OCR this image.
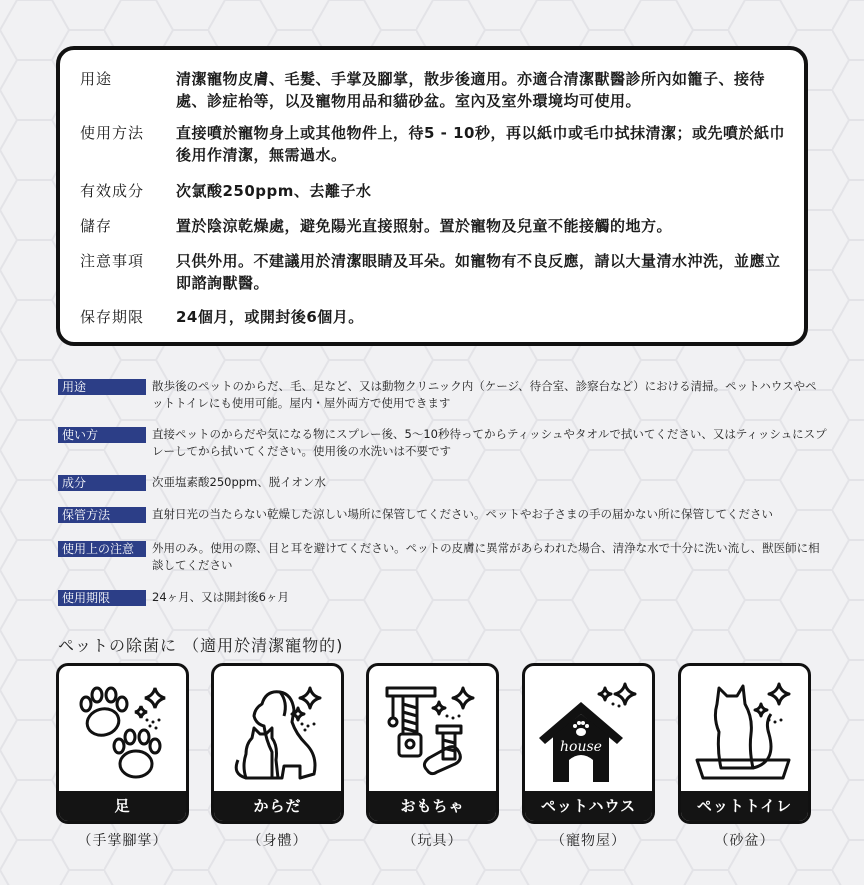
用途	清潔寵物皮膚、毛髮、手掌及腳掌，散步後適用。亦適合清潔獸醫診所內如籠子、接待處、診症枱等，以及寵物用品和貓砂盆。室內及室外環境均可使用。
使用方法	直接噴於寵物身上或其他物件上，待5 - 10秒，再以紙巾或毛巾拭抹清潔；或先噴於紙巾後用作清潔，無需過水。
有效成分	次氯酸250ppm、去離子水
儲存	置於陰涼乾燥處，避免陽光直接照射。置於寵物及兒童不能接觸的地方。
注意事項	只供外用。不建議用於清潔眼睛及耳朵。如寵物有不良反應，請以大量清水沖洗，並應立即諮詢獸醫。
保存期限	24個月，或開封後6個月。
用途	散歩後のペットのからだ、毛、足など、又は動物クリニック内（ケージ、待合室、診察台など）における清掃。ペットハウスやペットトイレにも使用可能。屋内・屋外両方で使用できます
使い方	直接ペットのからだや気になる物にスプレー後、5〜10秒待ってからティッシュやタオルで拭いてください、又はティッシュにスプレーしてから拭いてください。使用後の水洗いは不要です
成分	次亜塩素酸250ppm、脱イオン水
保管方法	直射日光の当たらない乾燥した涼しい場所に保管してください。ペットやお子さまの手の届かない所に保管してください
使用上の注意	外用のみ。使用の際、目と耳を避けてください。ペットの皮膚に異常があらわれた場合、清浄な水で十分に洗い流し、獣医師に相談してください
使用期限	24ヶ月、又は開封後6ヶ月
ペットの除菌に （適用於清潔寵物的)
足	からだ	おもちゃ
house
ペットハウス	ペットトイレ
（手掌腳掌）	（身體）	（玩具）	（寵物屋）	（砂盆）
